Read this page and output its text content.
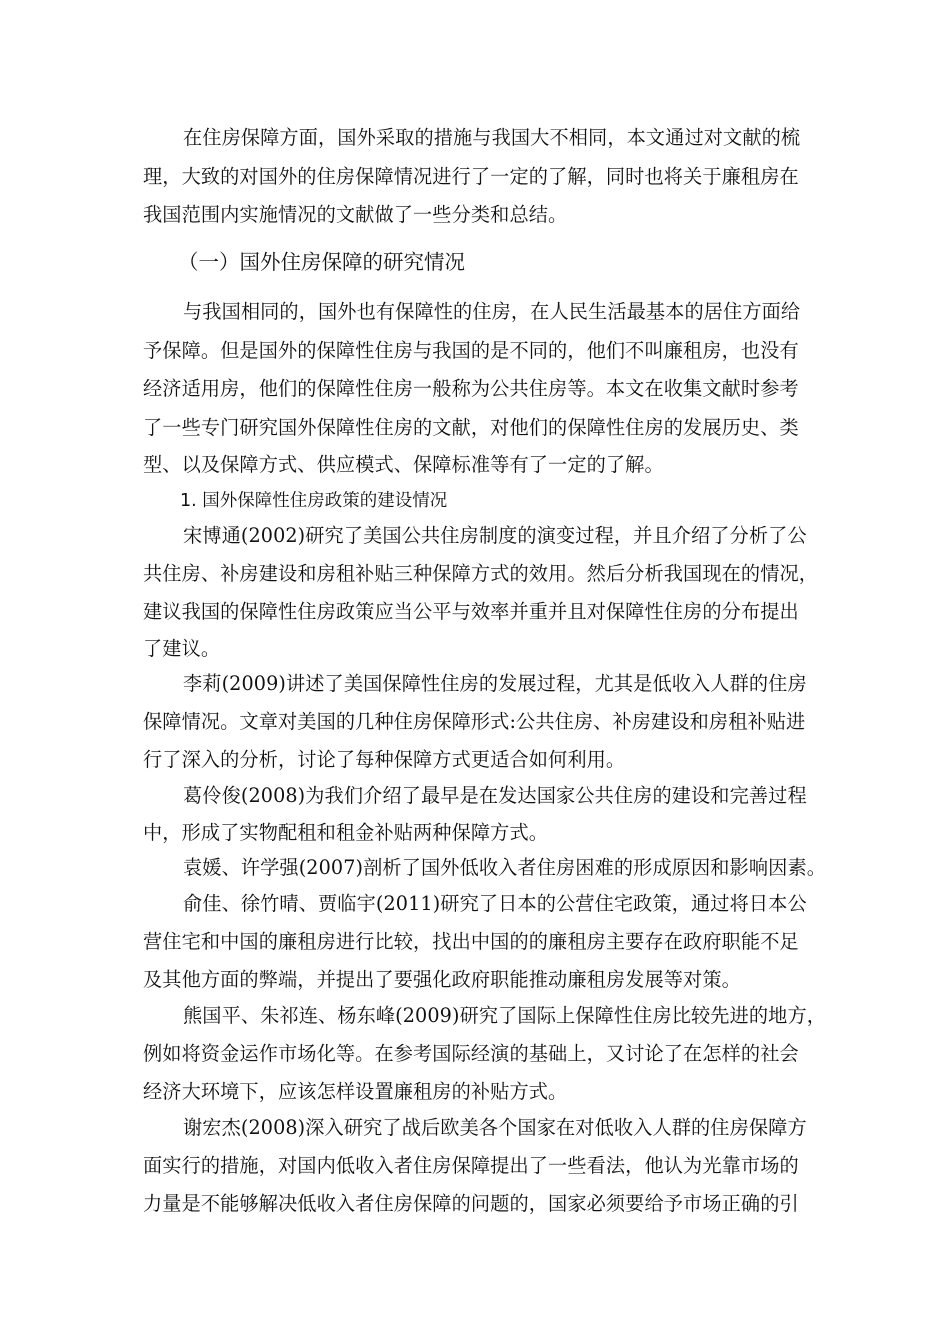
在住房保障方面，国外采取的措施与我国大不相同，本文通过对文献的梳
理，大致的对国外的住房保障情况进行了一定的了解，同时也将关于廉租房在
我国范围内实施情况的文献做了一些分类和总结。
（一）国外住房保障的研究情况
与我国相同的，国外也有保障性的住房，在人民生活最基本的居住方面给
予保障。但是国外的保障性住房与我国的是不同的，他们不叫廉租房，也没有
经济适用房，他们的保障性住房一般称为公共住房等。本文在收集文献时参考
了一些专门研究国外保障性住房的文献，对他们的保障性住房的发展历史、类
型、以及保障方式、供应模式、保障标准等有了一定的了解。
1. 国外保障性住房政策的建设情况
宋博通(2002)研究了美国公共住房制度的演变过程，并且介绍了分析了公
共住房、补房建设和房租补贴三种保障方式的效用。然后分析我国现在的情况，
建议我国的保障性住房政策应当公平与效率并重并且对保障性住房的分布提出
了建议。
李莉(2009)讲述了美国保障性住房的发展过程，尤其是低收入人群的住房
保障情况。文章对美国的几种住房保障形式:公共住房、补房建设和房租补贴进
行了深入的分析，讨论了每种保障方式更适合如何利用。
葛伶俊(2008)为我们介绍了最早是在发达国家公共住房的建设和完善过程
中，形成了实物配租和租金补贴两种保障方式。
袁媛、许学强(2007)剖析了国外低收入者住房困难的形成原因和影响因素。
俞佳、徐竹晴、贾临宇(2011)研究了日本的公营住宅政策，通过将日本公
营住宅和中国的廉租房进行比较，找出中国的的廉租房主要存在政府职能不足
及其他方面的弊端，并提出了要强化政府职能推动廉租房发展等对策。
熊国平、朱祁连、杨东峰(2009)研究了国际上保障性住房比较先进的地方，
例如将资金运作市场化等。在参考国际经演的基础上，又讨论了在怎样的社会
经济大环境下，应该怎样设置廉租房的补贴方式。
谢宏杰(2008)深入研究了战后欧美各个国家在对低收入人群的住房保障方
面实行的措施，对国内低收入者住房保障提出了一些看法，他认为光靠市场的
力量是不能够解决低收入者住房保障的问题的，国家必须要给予市场正确的引
